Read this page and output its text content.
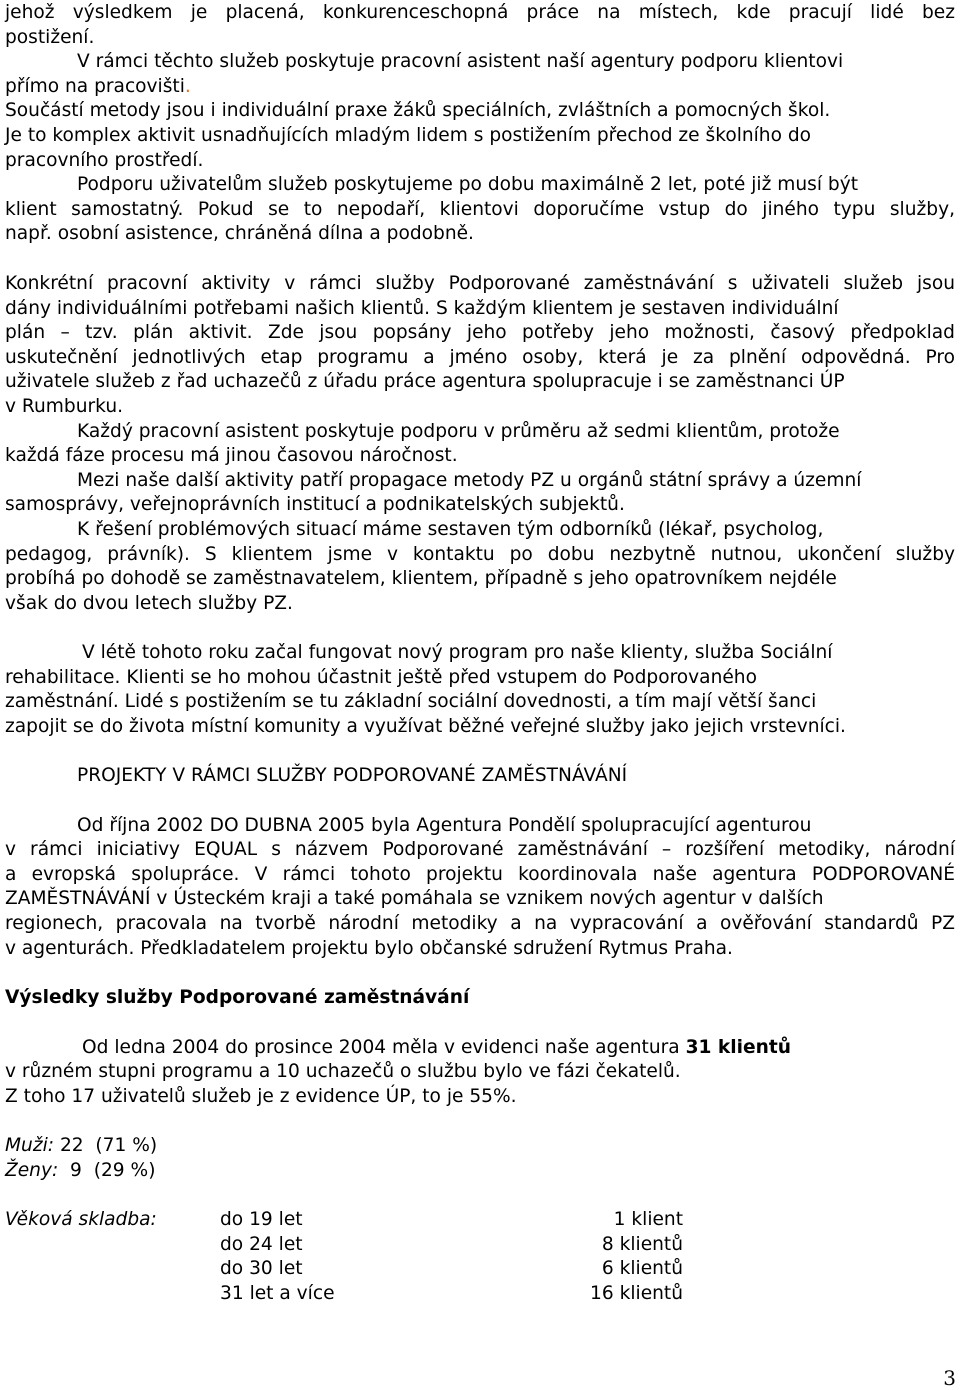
jehož výsledkem je placená, konkurenceschopná práce na místech, kde pracují lidé bez
postižení.
V rámci těchto služeb poskytuje pracovní asistent naší agentury podporu klientovi
přímo na pracovišti.
Součástí metody jsou i individuální praxe žáků speciálních, zvláštních a pomocných škol.
Je to komplex aktivit usnadňujících mladým lidem s postižením přechod ze školního do
pracovního prostředí.
Podporu uživatelům služeb poskytujeme po dobu maximálně 2 let, poté již musí být
klient samostatný. Pokud se to nepodaří, klientovi doporučíme vstup do jiného typu služby,
např. osobní asistence, chráněná dílna a podobně.
Konkrétní pracovní aktivity v rámci služby Podporované zaměstnávání s uživateli služeb jsou
dány individuálními potřebami našich klientů. S každým klientem je sestaven individuální
plán – tzv. plán aktivit. Zde jsou popsány jeho potřeby jeho možnosti, časový předpoklad
uskutečnění jednotlivých etap programu a jméno osoby, která je za plnění odpovědná. Pro
uživatele služeb z řad uchazečů z úřadu práce agentura spolupracuje i se zaměstnanci ÚP
v Rumburku.
Každý pracovní asistent poskytuje podporu v průměru až sedmi klientům, protože
každá fáze procesu má jinou časovou náročnost.
Mezi naše další aktivity patří propagace metody PZ u orgánů státní správy a územní
samosprávy, veřejnoprávních institucí a podnikatelských subjektů.
K řešení problémových situací máme sestaven tým odborníků (lékař, psycholog,
pedagog, právník). S klientem jsme v kontaktu po dobu nezbytně nutnou, ukončení služby
probíhá po dohodě se zaměstnavatelem, klientem, případně s jeho opatrovníkem nejdéle
však do dvou letech služby PZ.
V létě tohoto roku začal fungovat nový program pro naše klienty, služba Sociální
rehabilitace. Klienti se ho mohou účastnit ještě před vstupem do Podporovaného
zaměstnání. Lidé s postižením se tu základní sociální dovednosti, a tím mají větší šanci
zapojit se do života místní komunity a využívat běžné veřejné služby jako jejich vrstevníci.
PROJEKTY V RÁMCI SLUŽBY PODPOROVANÉ ZAMĚSTNÁVÁNÍ
Od října 2002 DO DUBNA 2005 byla Agentura Pondělí spolupracující agenturou
v rámci iniciativy EQUAL s názvem Podporované zaměstnávání – rozšíření metodiky, národní
a evropská spolupráce. V rámci tohoto projektu koordinovala naše agentura PODPOROVANÉ
ZAMĚSTNÁVÁNÍ v Ústeckém kraji a také pomáhala se vznikem nových agentur v dalších
regionech, pracovala na tvorbě národní metodiky a na vypracování a ověřování standardů PZ
v agenturách. Předkladatelem projektu bylo občanské sdružení Rytmus Praha.
Výsledky služby Podporované zaměstnávání
Od ledna 2004 do prosince 2004 měla v evidenci naše agentura 31 klientů
v různém stupni programu a 10 uchazečů o službu bylo ve fázi čekatelů.
Z toho 17 uživatelů služeb je z evidence ÚP, to je 55%.
Muži: 22  (71 %)
Ženy:  9  (29 %)
Věková skladba:	do 19 let	1 klient
do 24 let	8 klientů
do 30 let	6 klientů
31 let a více	16 klientů
3
